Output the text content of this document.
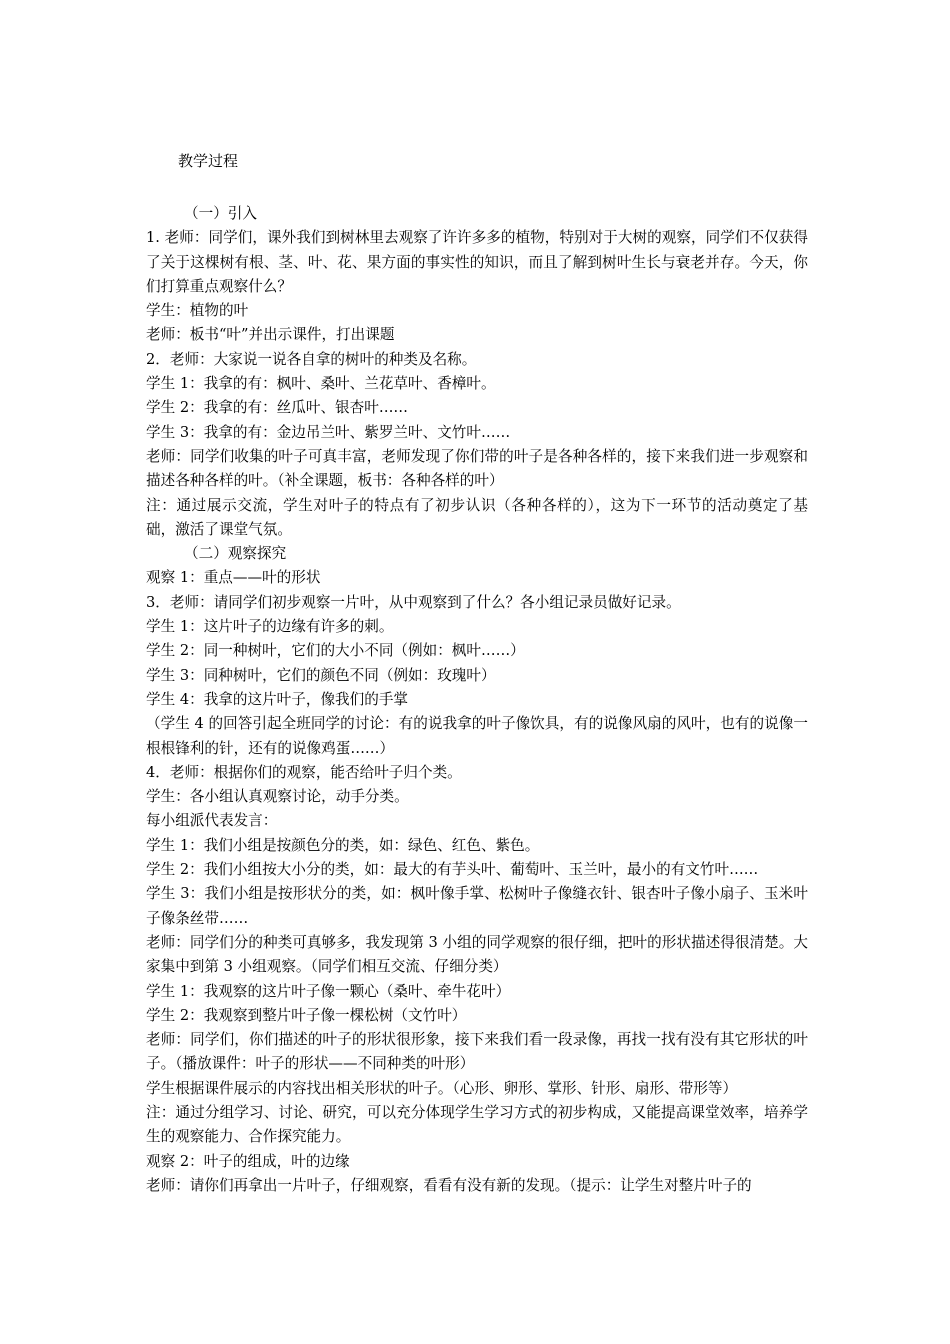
教学过程

（一）引入

1. 老师：同学们，课外我们到树林里去观察了许许多多的植物，特别对于大树的观察，同学们不仅获得了关于这棵树有根、茎、叶、花、果方面的事实性的知识，而且了解到树叶生长与衰老并存。今天，你们打算重点观察什么？

学生：植物的叶

老师：板书“叶”并出示课件，打出课题

2．老师：大家说一说各自拿的树叶的种类及名称。

学生 1：我拿的有：枫叶、桑叶、兰花草叶、香樟叶。

学生 2：我拿的有：丝瓜叶、银杏叶……

学生 3：我拿的有：金边吊兰叶、紫罗兰叶、文竹叶……

老师：同学们收集的叶子可真丰富，老师发现了你们带的叶子是各种各样的，接下来我们进一步观察和描述各种各样的叶。（补全课题，板书：各种各样的叶）

注：通过展示交流，学生对叶子的特点有了初步认识（各种各样的），这为下一环节的活动奠定了基础，激活了课堂气氛。

（二）观察探究

观察 1：重点——叶的形状

3．老师：请同学们初步观察一片叶，从中观察到了什么？各小组记录员做好记录。

学生 1：这片叶子的边缘有许多的刺。

学生 2：同一种树叶，它们的大小不同（例如：枫叶……）

学生 3：同种树叶，它们的颜色不同（例如：玫瑰叶）

学生 4：我拿的这片叶子，像我们的手掌

（学生 4 的回答引起全班同学的讨论：有的说我拿的叶子像饮具，有的说像风扇的风叶，也有的说像一根根锋利的针，还有的说像鸡蛋……）

4．老师：根据你们的观察，能否给叶子归个类。

学生：各小组认真观察讨论，动手分类。

每小组派代表发言：

学生 1：我们小组是按颜色分的类，如：绿色、红色、紫色。

学生 2：我们小组按大小分的类，如：最大的有芋头叶、葡萄叶、玉兰叶，最小的有文竹叶……

学生 3：我们小组是按形状分的类，如：枫叶像手掌、松树叶子像缝衣针、银杏叶子像小扇子、玉米叶子像条丝带……

老师：同学们分的种类可真够多，我发现第 3 小组的同学观察的很仔细，把叶的形状描述得很清楚。大家集中到第 3 小组观察。（同学们相互交流、仔细分类）

学生 1：我观察的这片叶子像一颗心（桑叶、牵牛花叶）

学生 2：我观察到整片叶子像一棵松树（文竹叶）

老师：同学们，你们描述的叶子的形状很形象，接下来我们看一段录像，再找一找有没有其它形状的叶子。（播放课件：叶子的形状——不同种类的叶形）

学生根据课件展示的内容找出相关形状的叶子。（心形、卵形、掌形、针形、扇形、带形等）

注：通过分组学习、讨论、研究，可以充分体现学生学习方式的初步构成，又能提高课堂效率，培养学生的观察能力、合作探究能力。

观察 2：叶子的组成，叶的边缘

老师：请你们再拿出一片叶子，仔细观察，看看有没有新的发现。（提示：让学生对整片叶子的
